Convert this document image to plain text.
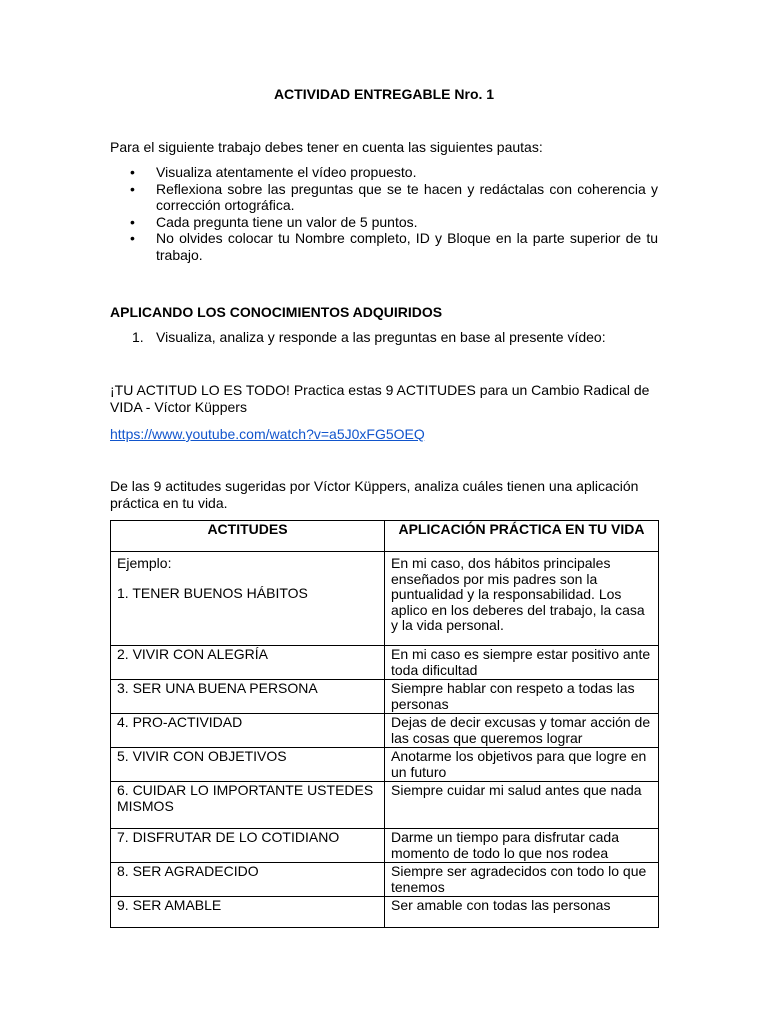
ACTIVIDAD ENTREGABLE Nro. 1
Para el siguiente trabajo debes tener en cuenta las siguientes pautas:
• Visualiza atentamente el vídeo propuesto.
• Reflexiona sobre las preguntas que se te hacen y redáctalas con coherencia y corrección ortográfica.
• Cada pregunta tiene un valor de 5 puntos.
• No olvides colocar tu Nombre completo, ID y Bloque en la parte superior de tu trabajo.
APLICANDO LOS CONOCIMIENTOS ADQUIRIDOS
1. Visualiza, analiza y responde a las preguntas en base al presente vídeo:
¡TU ACTITUD LO ES TODO! Practica estas 9 ACTITUDES para un Cambio Radical de VIDA - Víctor Küppers
https://www.youtube.com/watch?v=a5J0xFG5OEQ
De las 9 actitudes sugeridas por Víctor Küppers, analiza cuáles tienen una aplicación práctica en tu vida.
ACTITUDES	APLICACIÓN PRÁCTICA EN TU VIDA

Ejemplo:
1. TENER BUENOS HÁBITOS	En mi caso, dos hábitos principales enseñados por mis padres son la puntualidad y la responsabilidad. Los aplico en los deberes del trabajo, la casa y la vida personal.
2. VIVIR CON ALEGRÍA	En mi caso es siempre estar positivo ante toda dificultad
3. SER UNA BUENA PERSONA	Siempre hablar con respeto a todas las personas
4. PRO-ACTIVIDAD	Dejas de decir excusas y tomar acción de las cosas que queremos lograr
5. VIVIR CON OBJETIVOS	Anotarme los objetivos para que logre en un futuro
6. CUIDAR LO IMPORTANTE USTEDES MISMOS	Siempre cuidar mi salud antes que nada
7. DISFRUTAR DE LO COTIDIANO	Darme un tiempo para disfrutar cada momento de todo lo que nos rodea
8. SER AGRADECIDO	Siempre ser agradecidos con todo lo que tenemos
9. SER AMABLE	Ser amable con todas las personas
